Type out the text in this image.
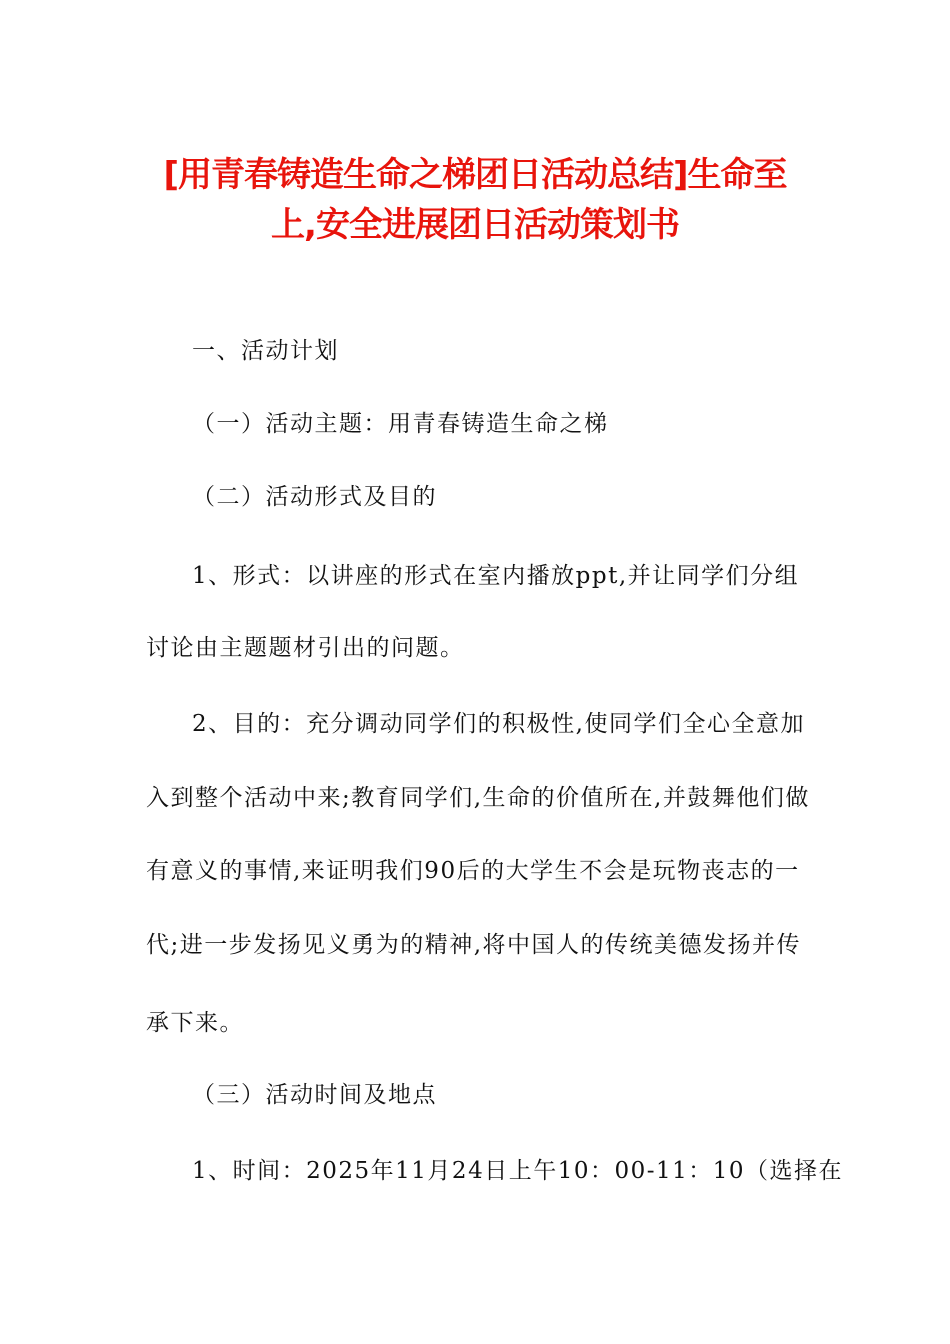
[用青春铸造生命之梯团日活动总结]生命至
上,安全进展团日活动策划书
一、活动计划
（一）活动主题：用青春铸造生命之梯
（二）活动形式及目的
1、形式：以讲座的形式在室内播放ppt,并让同学们分组
讨论由主题题材引出的问题。
2、目的：充分调动同学们的积极性,使同学们全心全意加
入到整个活动中来;教育同学们,生命的价值所在,并鼓舞他们做
有意义的事情,来证明我们90后的大学生不会是玩物丧志的一
代;进一步发扬见义勇为的精神,将中国人的传统美德发扬并传
承下来。
（三）活动时间及地点
1、时间：2025年11月24日上午10：00-11：10（选择在
